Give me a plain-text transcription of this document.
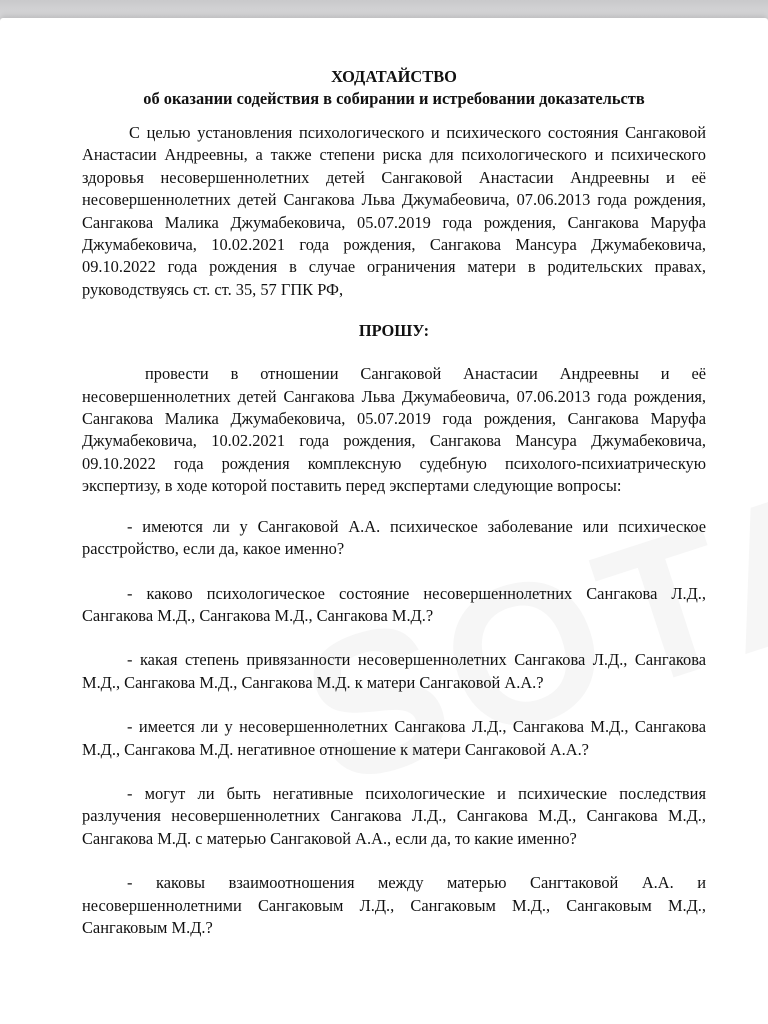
ХОДАТАЙСТВО

об оказании содействия в собирании и истребовании доказательств

С целью установления психологического и психического состояния Сангаковой Анастасии Андреевны, а также степени риска для психологического и психического здоровья несовершеннолетних детей Сангаковой Анастасии Андреевны и её несовершеннолетних детей Сангакова Льва Джумабеовича, 07.06.2013 года рождения, Сангакова Малика Джумабековича, 05.07.2019 года рождения, Сангакова Маруфа Джумабековича, 10.02.2021 года рождения, Сангакова Мансура Джумабековича, 09.10.2022 года рождения в случае ограничения матери в родительских правах, руководствуясь ст. ст. 35, 57 ГПК РФ,

ПРОШУ:

провести в отношении Сангаковой Анастасии Андреевны и её несовершеннолетних детей Сангакова Льва Джумабеовича, 07.06.2013 года рождения, Сангакова Малика Джумабековича, 05.07.2019 года рождения, Сангакова Маруфа Джумабековича, 10.02.2021 года рождения, Сангакова Мансура Джумабековича, 09.10.2022 года рождения комплексную судебную психолого-психиатрическую экспертизу, в ходе которой поставить перед экспертами следующие вопросы:

- имеются ли у Сангаковой А.А. психическое заболевание или психическое расстройство, если да, какое именно?

- каково психологическое состояние несовершеннолетних Сангакова Л.Д., Сангакова М.Д., Сангакова М.Д., Сангакова М.Д.?

- какая степень привязанности несовершеннолетних Сангакова Л.Д., Сангакова М.Д., Сангакова М.Д., Сангакова М.Д. к матери Сангаковой А.А.?

- имеется ли у несовершеннолетних Сангакова Л.Д., Сангакова М.Д., Сангакова М.Д., Сангакова М.Д. негативное отношение к матери Сангаковой А.А.?

- могут ли быть негативные психологические и психические последствия разлучения несовершеннолетних Сангакова Л.Д., Сангакова М.Д., Сангакова М.Д., Сангакова М.Д. с матерью Сангаковой А.А., если да, то какие именно?

- каковы взаимоотношения между матерью Сангтаковой А.А. и несовершеннолетними Сангаковым Л.Д., Сангаковым М.Д., Сангаковым М.Д., Сангаковым М.Д.?
